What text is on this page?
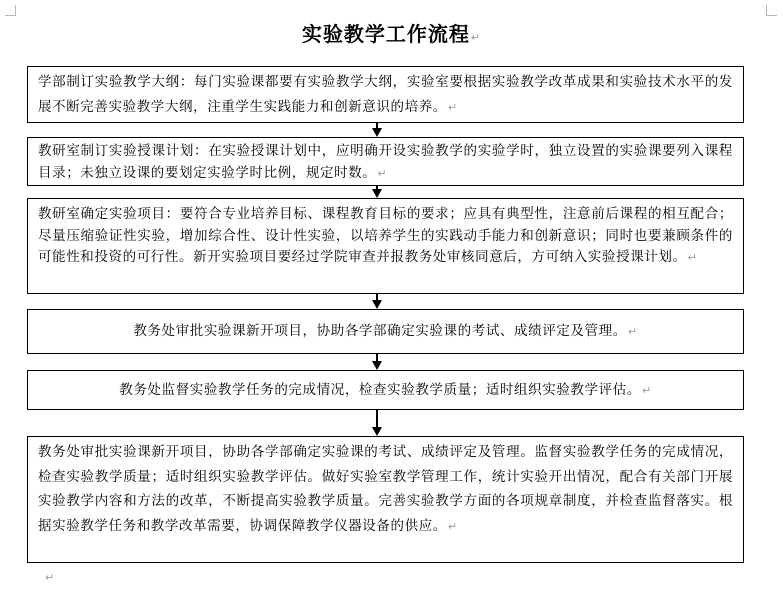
实验教学工作流程↵
学部制订实验教学大纲：每门实验课都要有实验教学大纲，实验室要根据实验教学改革成果和实验技术水平的发展不断完善实验教学大纲，注重学生实践能力和创新意识的培养。↵
教研室制订实验授课计划：在实验授课计划中，应明确开设实验教学的实验学时，独立设置的实验课要列入课程目录；未独立设课的要划定实验学时比例，规定时数。↵
教研室确定实验项目：要符合专业培养目标、课程教育目标的要求；应具有典型性，注意前后课程的相互配合；尽量压缩验证性实验，增加综合性、设计性实验，以培养学生的实践动手能力和创新意识；同时也要兼顾条件的可能性和投资的可行性。新开实验项目要经过学院审查并报教务处审核同意后，方可纳入实验授课计划。↵
教务处审批实验课新开项目，协助各学部确定实验课的考试、成绩评定及管理。↵
教务处监督实验教学任务的完成情况，检查实验教学质量；适时组织实验教学评估。↵
教务处审批实验课新开项目，协助各学部确定实验课的考试、成绩评定及管理。监督实验教学任务的完成情况，检查实验教学质量；适时组织实验教学评估。做好实验室教学管理工作，统计实验开出情况，配合有关部门开展实验教学内容和方法的改革，不断提高实验教学质量。完善实验教学方面的各项规章制度，并检查监督落实。根据实验教学任务和教学改革需要，协调保障教学仪器设备的供应。↵
↵
